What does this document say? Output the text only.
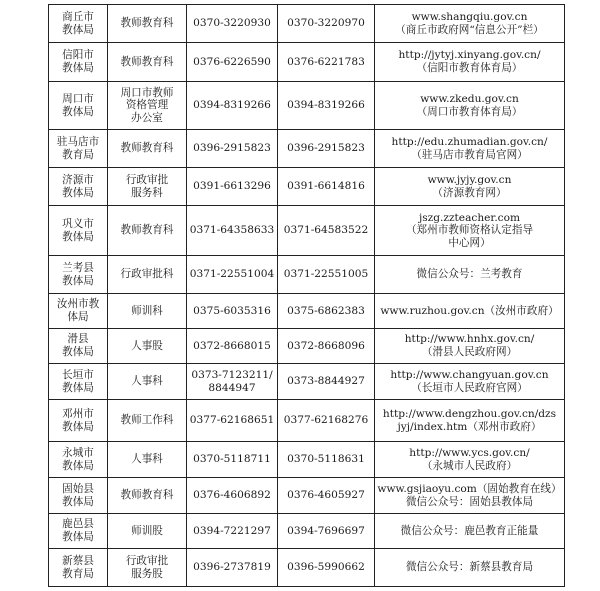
商丘市
教体局	教师教育科	0370-3220930	0370-3220970	www.shangqiu.gov.cn
（商丘市政府网“信息公开”栏）

信阳市
教体局	教师教育科	0376-6226590	0376-6221783	http://jytyj.xinyang.gov.cn/
（信阳市教育体育局）

周口市
教体局	周口市教师
资格管理
办公室	0394-8319266	0394-8319266	www.zkedu.gov.cn
（周口市教育体育局）

驻马店市
教育局	教师教育科	0396-2915823	0396-2915823	http://edu.zhumadian.gov.cn/
（驻马店市教育局官网）

济源市
教体局	行政审批
服务科	0391-6613296	0391-6614816	www.jyjy.gov.cn
（济源教育网）

巩义市
教体局	教师教育科	0371-64358633	0371-64583522	jszg.zzteacher.com
（郑州市教师资格认定指导
中心网）

兰考县
教体局	行政审批科	0371-22551004	0371-22551005	微信公众号：兰考教育

汝州市教
体局	师训科	0375-6035316	0375-6862383	www.ruzhou.gov.cn（汝州市政府）

滑县
教体局	人事股	0372-8668015	0372-8668096	http://www.hnhx.gov.cn/
（滑县人民政府网）

长垣市
教体局	人事科	0373-7123211/
8844947	0373-8844927	http://www.changyuan.gov.cn
（长垣市人民政府官网）

邓州市
教体局	教师工作科	0377-62168651	0377-62168276	http://www.dengzhou.gov.cn/dzs
jyj/index.htm（邓州市政府）

永城市
教体局	人事科	0370-5118711	0370-5118631	http://www.ycs.gov.cn/
（永城市人民政府）

固始县
教体局	教师教育科	0376-4606892	0376-4605927	www.gsjiaoyu.com（固始教育在线）
微信公众号：固始县教体局

鹿邑县
教体局	师训股	0394-7221297	0394-7696697	微信公众号：鹿邑教育正能量

新蔡县
教育局	行政审批
服务股	0396-2737819	0396-5990662	微信公众号：新蔡县教育局
